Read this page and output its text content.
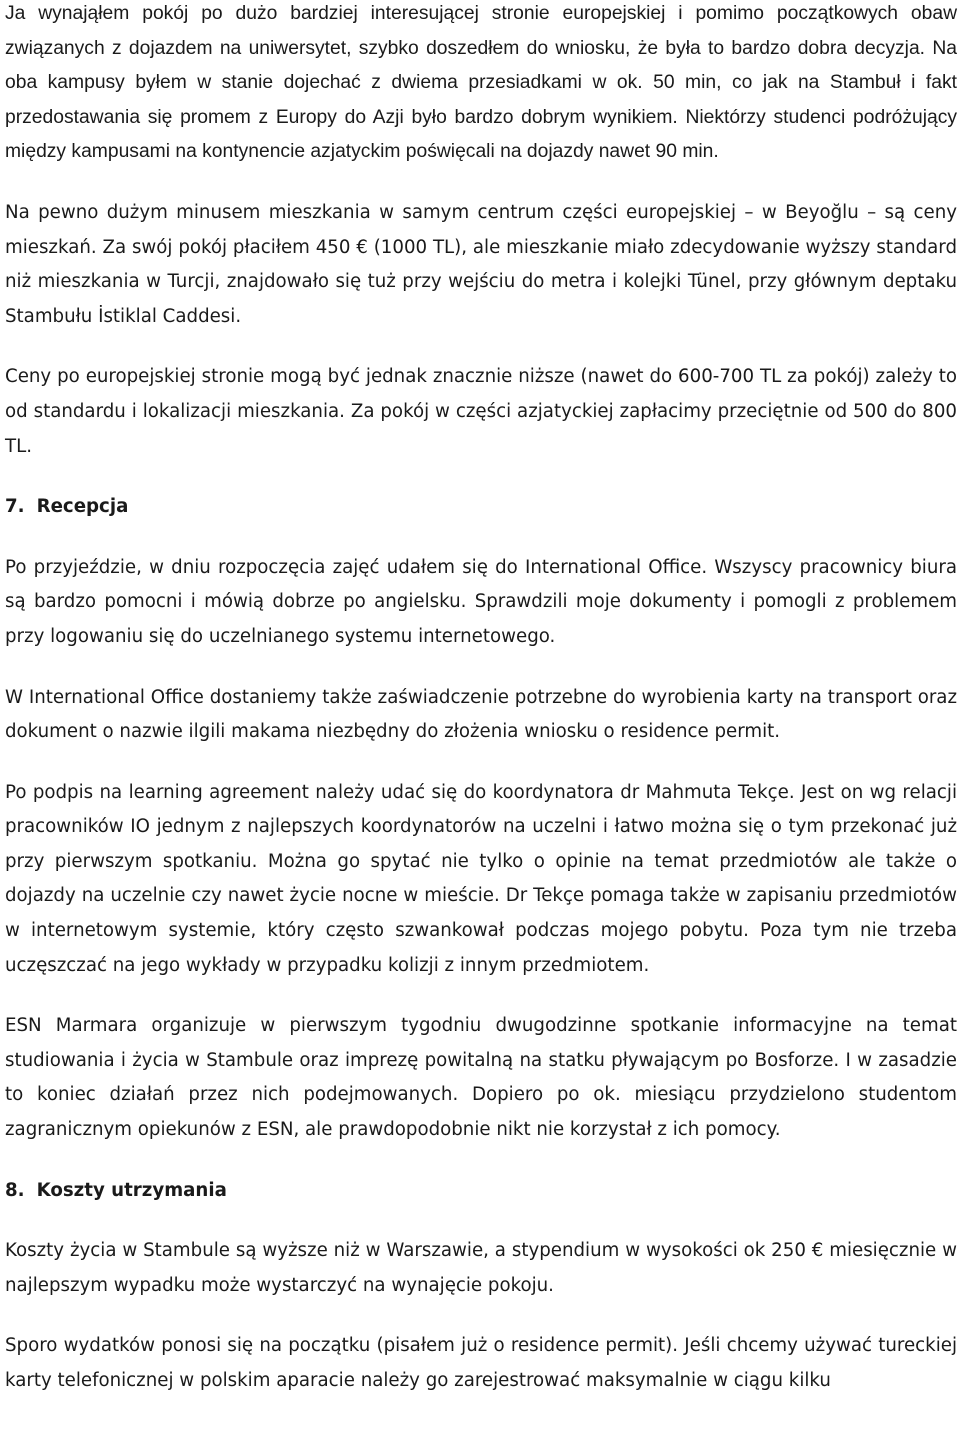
Ja wynająłem pokój po dużo bardziej interesującej stronie europejskiej i pomimo początkowych obaw związanych z dojazdem na uniwersytet, szybko doszedłem do wniosku, że była to bardzo dobra decyzja. Na oba kampusy byłem w stanie dojechać z dwiema przesiadkami w ok. 50 min, co jak na Stambuł i fakt przedostawania się promem z Europy do Azji było bardzo dobrym wynikiem. Niektórzy studenci podróżujący między kampusami na kontynencie azjatyckim poświęcali na dojazdy nawet 90 min.

Na pewno dużym minusem mieszkania w samym centrum części europejskiej – w Beyoğlu – są ceny mieszkań. Za swój pokój płaciłem 450 € (1000 TL), ale mieszkanie miało zdecydowanie wyższy standard niż mieszkania w Turcji, znajdowało się tuż przy wejściu do metra i kolejki Tünel, przy głównym deptaku Stambułu İstiklal Caddesi.

Ceny po europejskiej stronie mogą być jednak znacznie niższe (nawet do 600-700 TL za pokój) zależy to od standardu i lokalizacji mieszkania. Za pokój w części azjatyckiej zapłacimy przeciętnie od 500 do 800 TL.

7. Recepcja

Po przyjeździe, w dniu rozpoczęcia zajęć udałem się do International Office. Wszyscy pracownicy biura są bardzo pomocni i mówią dobrze po angielsku. Sprawdzili moje dokumenty i pomogli z problemem przy logowaniu się do uczelnianego systemu internetowego.

W International Office dostaniemy także zaświadczenie potrzebne do wyrobienia karty na transport oraz dokument o nazwie ilgili makama niezbędny do złożenia wniosku o residence permit.

Po podpis na learning agreement należy udać się do koordynatora dr Mahmuta Tekçe. Jest on wg relacji pracowników IO jednym z najlepszych koordynatorów na uczelni i łatwo można się o tym przekonać już przy pierwszym spotkaniu. Można go spytać nie tylko o opinie na temat przedmiotów ale także o dojazdy na uczelnie czy nawet życie nocne w mieście. Dr Tekçe pomaga także w zapisaniu przedmiotów w internetowym systemie, który często szwankował podczas mojego pobytu. Poza tym nie trzeba uczęszczać na jego wykłady w przypadku kolizji z innym przedmiotem.

ESN Marmara organizuje w pierwszym tygodniu dwugodzinne spotkanie informacyjne na temat studiowania i życia w Stambule oraz imprezę powitalną na statku pływającym po Bosforze. I w zasadzie to koniec działań przez nich podejmowanych. Dopiero po ok. miesiącu przydzielono studentom zagranicznym opiekunów z ESN, ale prawdopodobnie nikt nie korzystał z ich pomocy.

8. Koszty utrzymania

Koszty życia w Stambule są wyższe niż w Warszawie, a stypendium w wysokości ok 250 € miesięcznie w najlepszym wypadku może wystarczyć na wynajęcie pokoju.

Sporo wydatków ponosi się na początku (pisałem już o residence permit). Jeśli chcemy używać tureckiej karty telefonicznej w polskim aparacie należy go zarejestrować maksymalnie w ciągu kilku
